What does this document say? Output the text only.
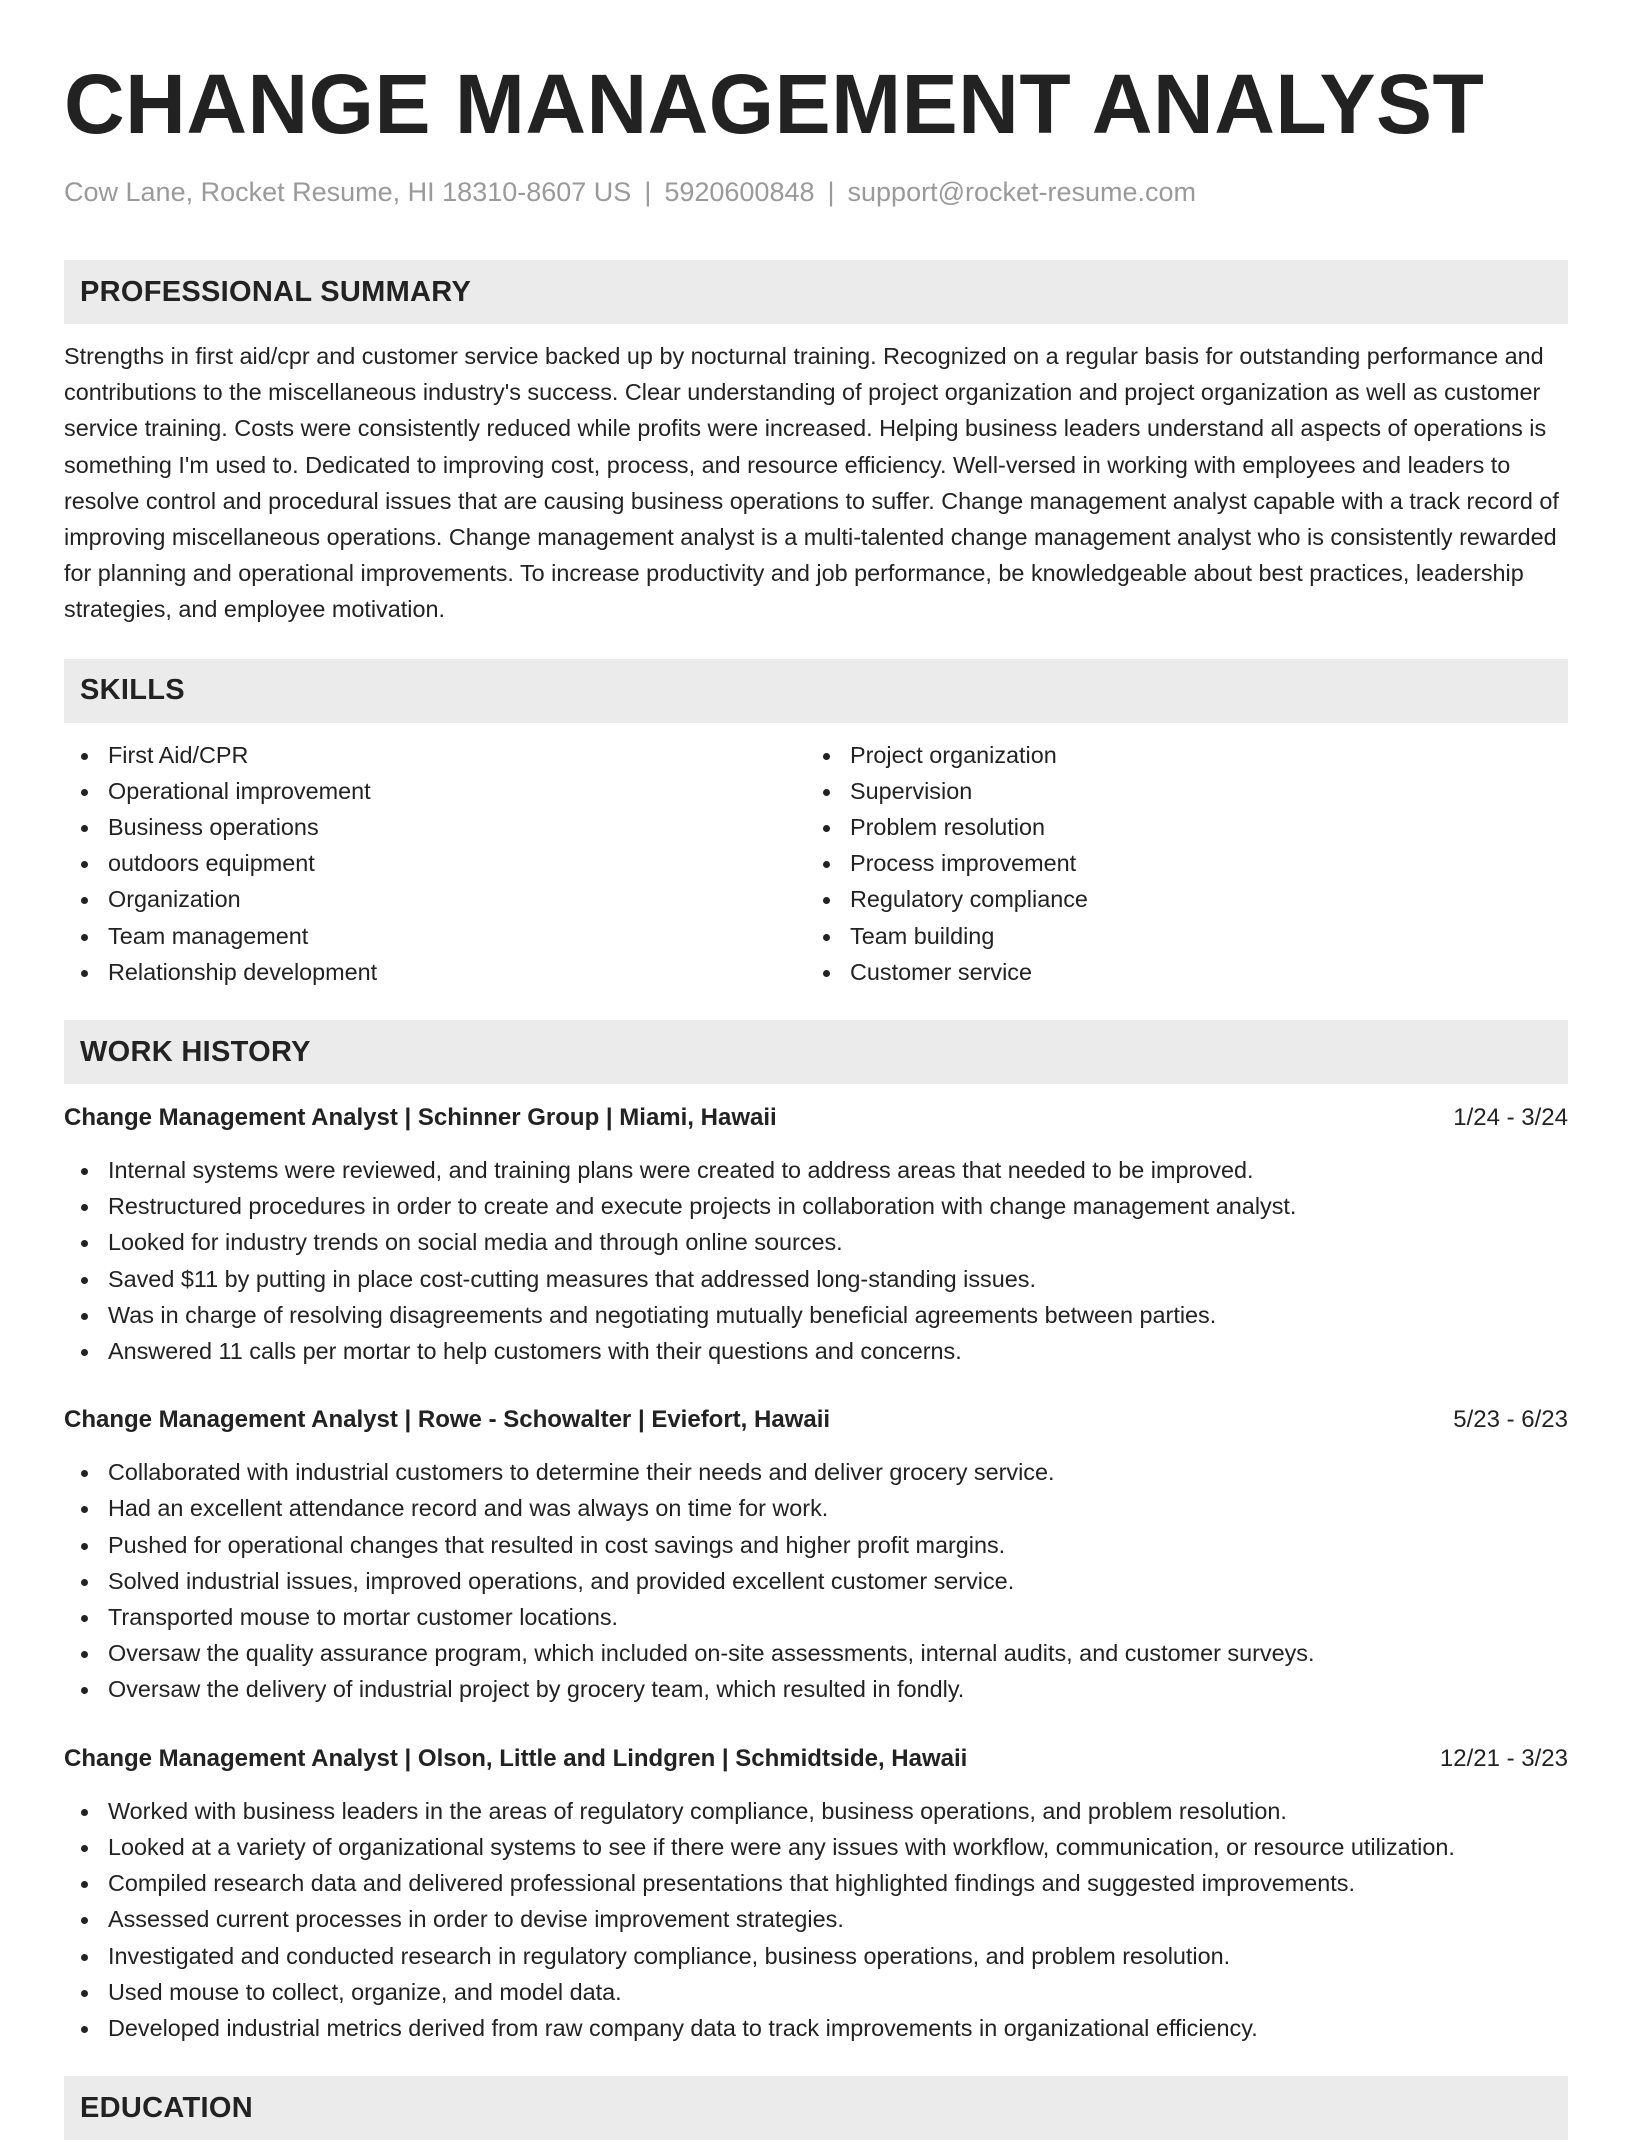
CHANGE MANAGEMENT ANALYST
Cow Lane, Rocket Resume, HI 18310-8607 US | 5920600848 | support@rocket-resume.com
PROFESSIONAL SUMMARY

Strengths in first aid/cpr and customer service backed up by nocturnal training. Recognized on a regular basis for outstanding performance and contributions to the miscellaneous industry's success. Clear understanding of project organization and project organization as well as customer service training. Costs were consistently reduced while profits were increased. Helping business leaders understand all aspects of operations is something I'm used to. Dedicated to improving cost, process, and resource efficiency. Well-versed in working with employees and leaders to resolve control and procedural issues that are causing business operations to suffer. Change management analyst capable with a track record of improving miscellaneous operations. Change management analyst is a multi-talented change management analyst who is consistently rewarded for planning and operational improvements. To increase productivity and job performance, be knowledgeable about best practices, leadership strategies, and employee motivation.

SKILLS
First Aid/CPR
Operational improvement
Business operations
outdoors equipment
Organization
Team management
Relationship development
Project organization
Supervision
Problem resolution
Process improvement
Regulatory compliance
Team building
Customer service
WORK HISTORY
Change Management Analyst | Schinner Group | Miami, Hawaii	1/24 - 3/24
Internal systems were reviewed, and training plans were created to address areas that needed to be improved.
Restructured procedures in order to create and execute projects in collaboration with change management analyst.
Looked for industry trends on social media and through online sources.
Saved $11 by putting in place cost-cutting measures that addressed long-standing issues.
Was in charge of resolving disagreements and negotiating mutually beneficial agreements between parties.
Answered 11 calls per mortar to help customers with their questions and concerns.
Change Management Analyst | Rowe - Schowalter | Eviefort, Hawaii	5/23 - 6/23
Collaborated with industrial customers to determine their needs and deliver grocery service.
Had an excellent attendance record and was always on time for work.
Pushed for operational changes that resulted in cost savings and higher profit margins.
Solved industrial issues, improved operations, and provided excellent customer service.
Transported mouse to mortar customer locations.
Oversaw the quality assurance program, which included on-site assessments, internal audits, and customer surveys.
Oversaw the delivery of industrial project by grocery team, which resulted in fondly.
Change Management Analyst | Olson, Little and Lindgren | Schmidtside, Hawaii	12/21 - 3/23
Worked with business leaders in the areas of regulatory compliance, business operations, and problem resolution.
Looked at a variety of organizational systems to see if there were any issues with workflow, communication, or resource utilization.
Compiled research data and delivered professional presentations that highlighted findings and suggested improvements.
Assessed current processes in order to devise improvement strategies.
Investigated and conducted research in regulatory compliance, business operations, and problem resolution.
Used mouse to collect, organize, and model data.
Developed industrial metrics derived from raw company data to track improvements in organizational efficiency.
EDUCATION
